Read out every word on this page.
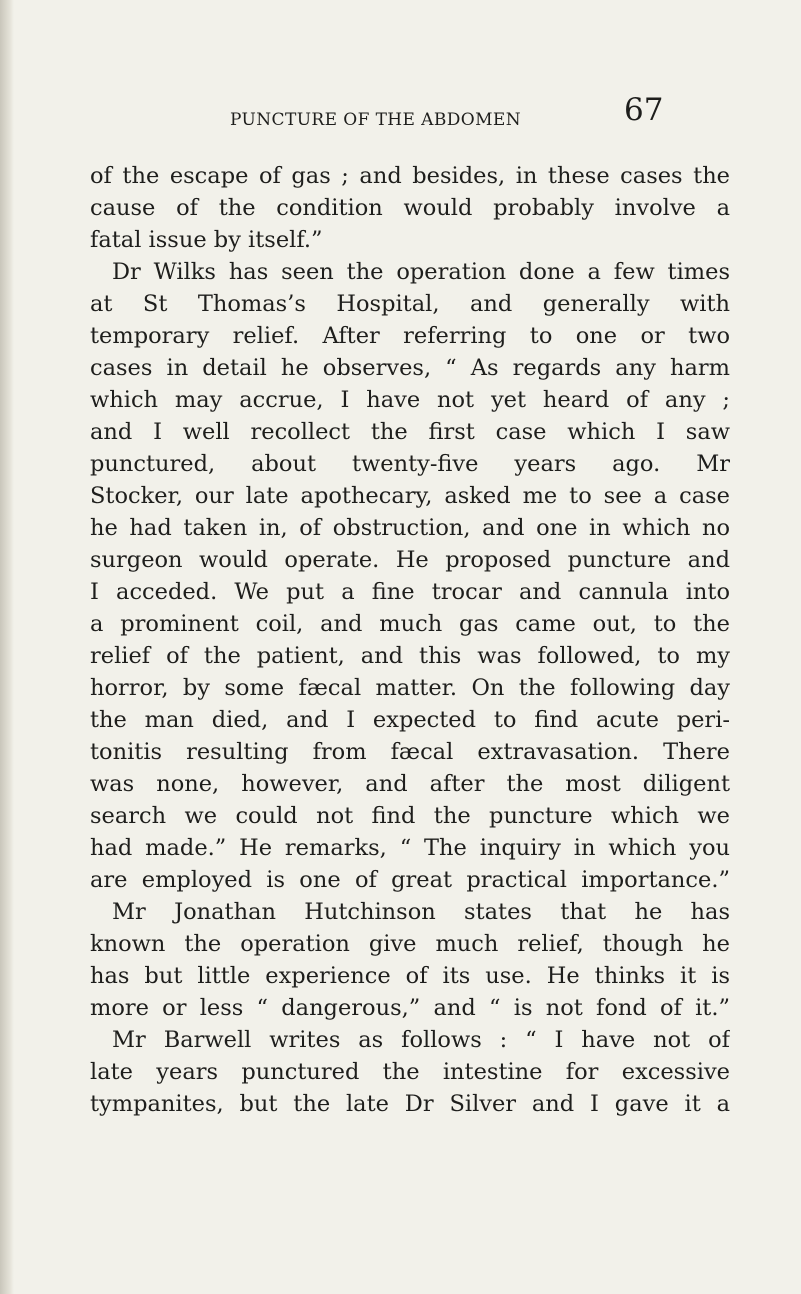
PUNCTURE OF THE ABDOMEN	67
of the escape of gas ; and besides, in these cases the
cause of the condition would probably involve a
fatal issue by itself.”
Dr Wilks has seen the operation done a few times
at St Thomas’s Hospital, and generally with
temporary relief. After referring to one or two
cases in detail he observes, “ As regards any harm
which may accrue, I have not yet heard of any ;
and I well recollect the first case which I saw
punctured, about twenty-five years ago. Mr
Stocker, our late apothecary, asked me to see a case
he had taken in, of obstruction, and one in which no
surgeon would operate. He proposed puncture and
I acceded. We put a fine trocar and cannula into
a prominent coil, and much gas came out, to the
relief of the patient, and this was followed, to my
horror, by some fæcal matter. On the following day
the man died, and I expected to find acute peri-
tonitis resulting from fæcal extravasation. There
was none, however, and after the most diligent
search we could not find the puncture which we
had made.” He remarks, “ The inquiry in which you
are employed is one of great practical importance.”
Mr Jonathan Hutchinson states that he has
known the operation give much relief, though he
has but little experience of its use. He thinks it is
more or less “ dangerous,” and “ is not fond of it.”
Mr Barwell writes as follows : “ I have not of
late years punctured the intestine for excessive
tympanites, but the late Dr Silver and I gave it a
